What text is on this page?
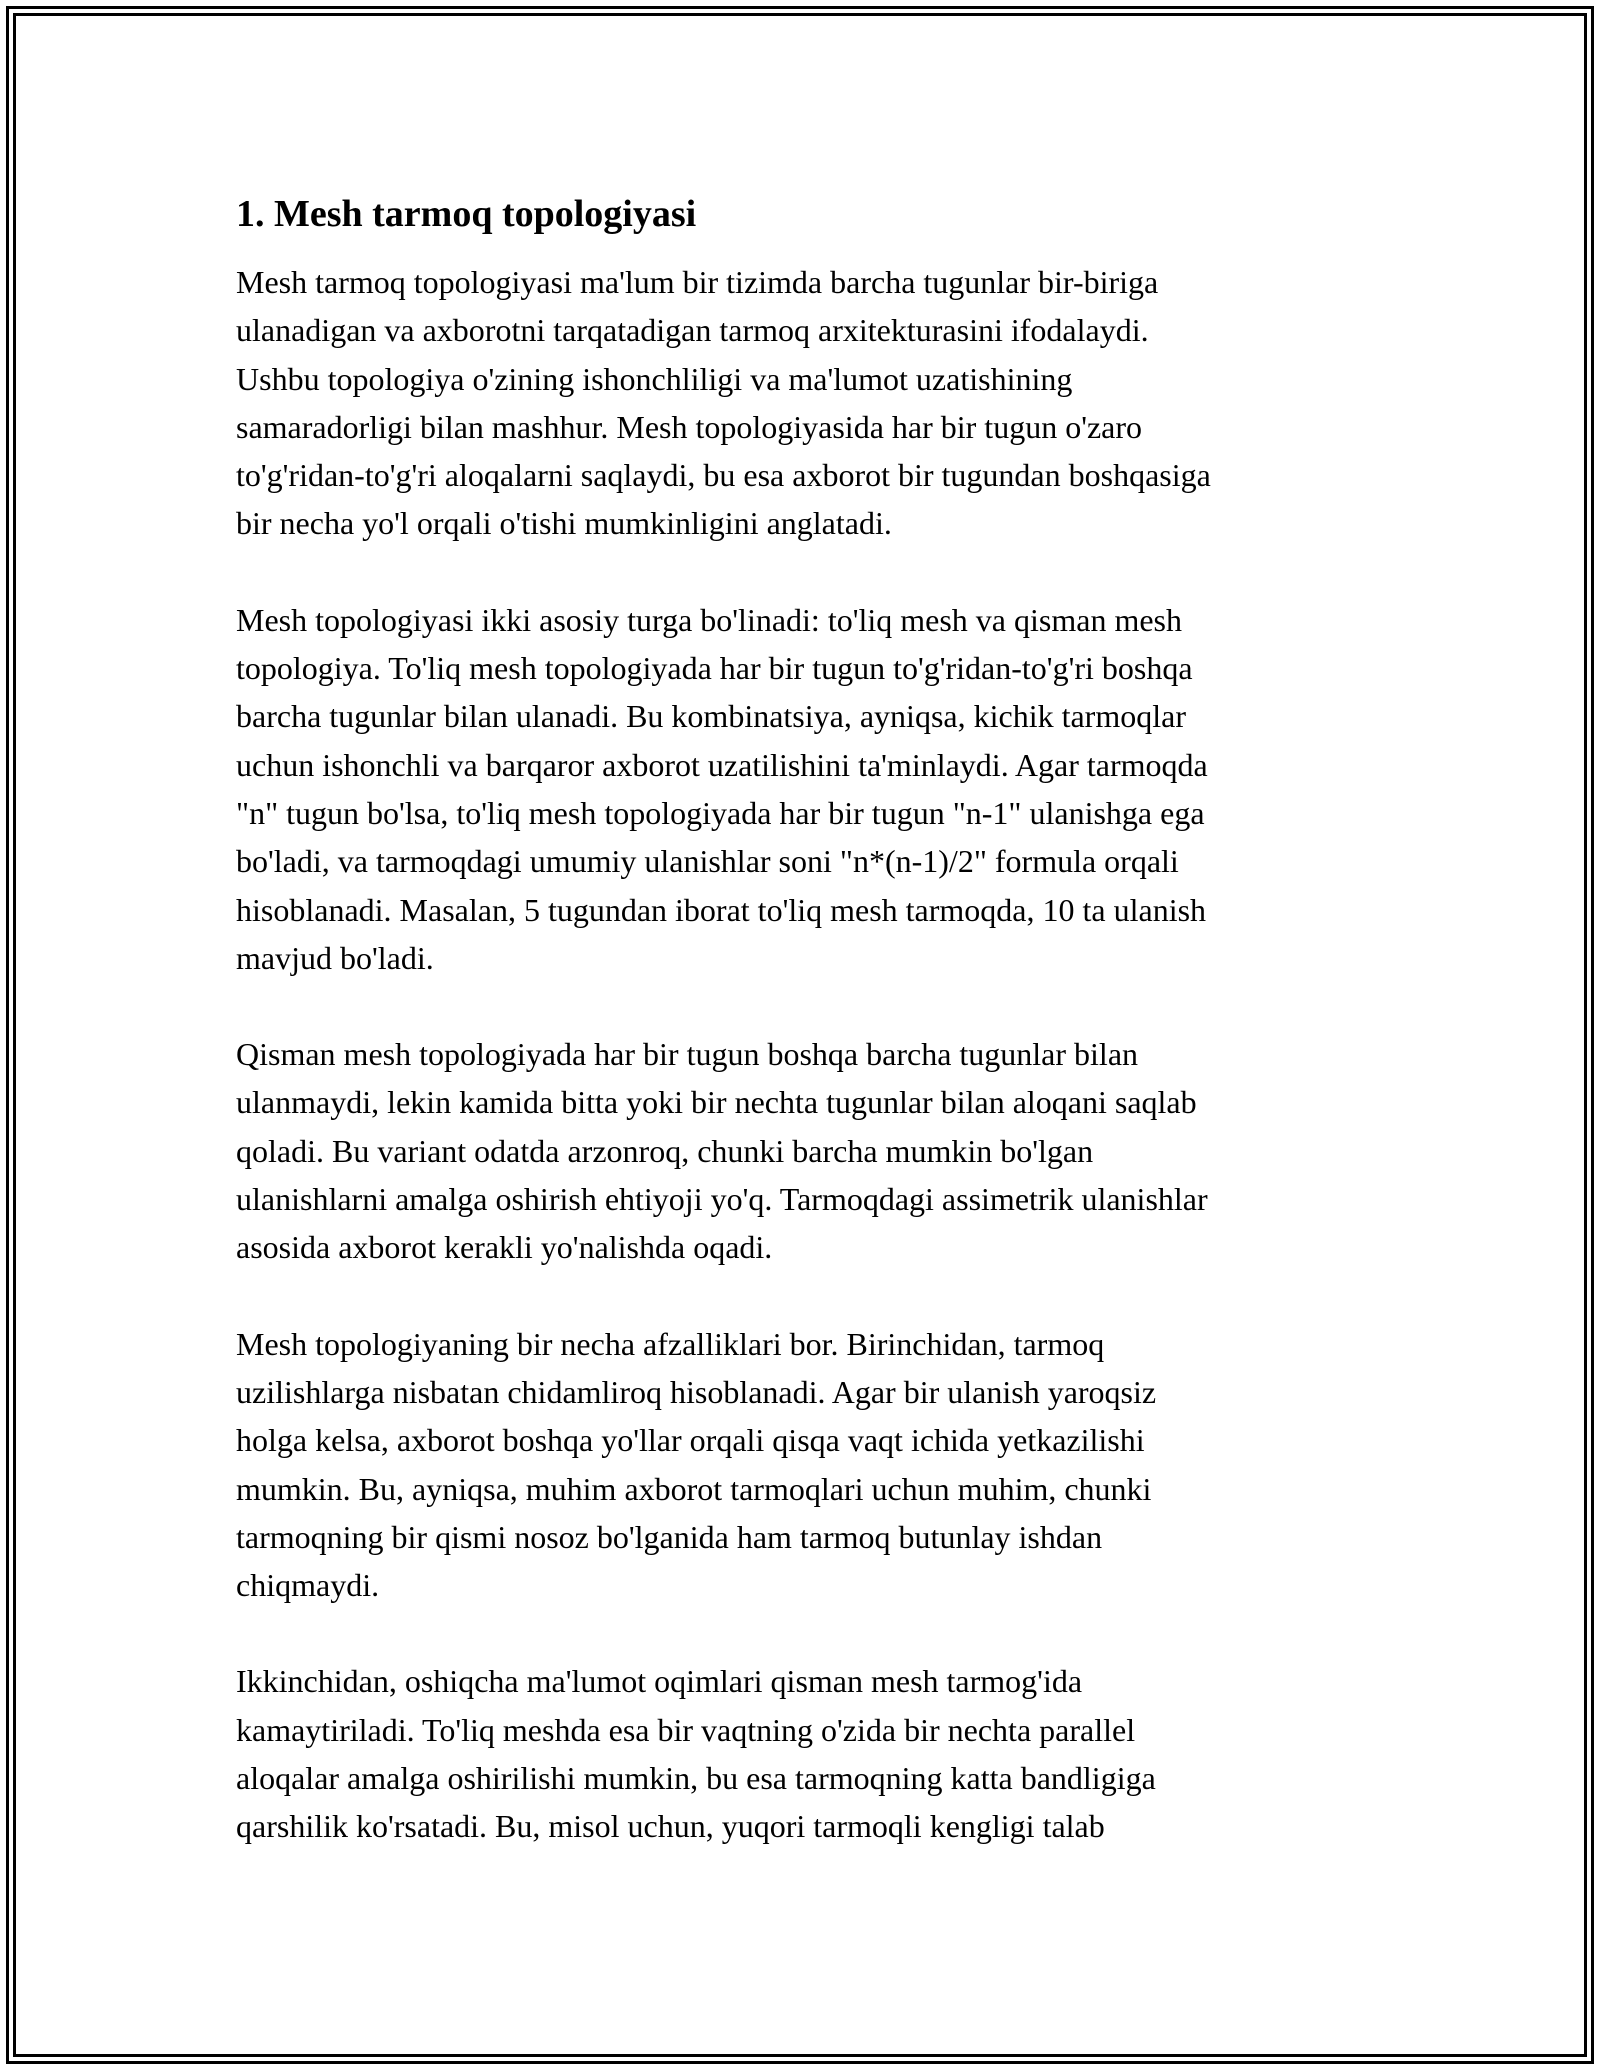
1. Mesh tarmoq topologiyasi
Mesh tarmoq topologiyasi ma'lum bir tizimda barcha tugunlar bir-biriga
ulanadigan va axborotni tarqatadigan tarmoq arxitekturasini ifodalaydi.
Ushbu topologiya o'zining ishonchliligi va ma'lumot uzatishining
samaradorligi bilan mashhur. Mesh topologiyasida har bir tugun o'zaro
to'g'ridan-to'g'ri aloqalarni saqlaydi, bu esa axborot bir tugundan boshqasiga
bir necha yo'l orqali o'tishi mumkinligini anglatadi.
Mesh topologiyasi ikki asosiy turga bo'linadi: to'liq mesh va qisman mesh
topologiya. To'liq mesh topologiyada har bir tugun to'g'ridan-to'g'ri boshqa
barcha tugunlar bilan ulanadi. Bu kombinatsiya, ayniqsa, kichik tarmoqlar
uchun ishonchli va barqaror axborot uzatilishini ta'minlaydi. Agar tarmoqda
"n" tugun bo'lsa, to'liq mesh topologiyada har bir tugun "n-1" ulanishga ega
bo'ladi, va tarmoqdagi umumiy ulanishlar soni "n*(n-1)/2" formula orqali
hisoblanadi. Masalan, 5 tugundan iborat to'liq mesh tarmoqda, 10 ta ulanish
mavjud bo'ladi.
Qisman mesh topologiyada har bir tugun boshqa barcha tugunlar bilan
ulanmaydi, lekin kamida bitta yoki bir nechta tugunlar bilan aloqani saqlab
qoladi. Bu variant odatda arzonroq, chunki barcha mumkin bo'lgan
ulanishlarni amalga oshirish ehtiyoji yo'q. Tarmoqdagi assimetrik ulanishlar
asosida axborot kerakli yo'nalishda oqadi.
Mesh topologiyaning bir necha afzalliklari bor. Birinchidan, tarmoq
uzilishlarga nisbatan chidamliroq hisoblanadi. Agar bir ulanish yaroqsiz
holga kelsa, axborot boshqa yo'llar orqali qisqa vaqt ichida yetkazilishi
mumkin. Bu, ayniqsa, muhim axborot tarmoqlari uchun muhim, chunki
tarmoqning bir qismi nosoz bo'lganida ham tarmoq butunlay ishdan
chiqmaydi.
Ikkinchidan, oshiqcha ma'lumot oqimlari qisman mesh tarmog'ida
kamaytiriladi. To'liq meshda esa bir vaqtning o'zida bir nechta parallel
aloqalar amalga oshirilishi mumkin, bu esa tarmoqning katta bandligiga
qarshilik ko'rsatadi. Bu, misol uchun, yuqori tarmoqli kengligi talab
